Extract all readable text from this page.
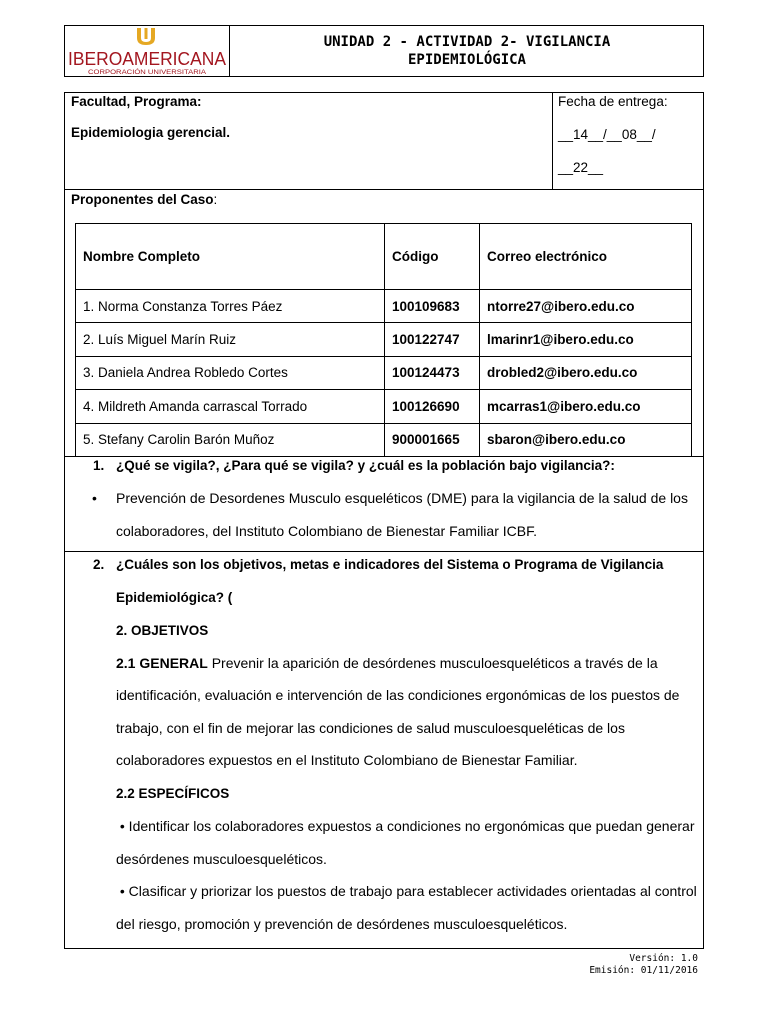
IBEROAMERICANA
CORPORACIÓN UNIVERSITARIA
UNIDAD 2 - ACTIVIDAD 2- VIGILANCIA
EPIDEMIOLÓGICA
Facultad, Programa:
Epidemiologia gerencial.
Fecha de entrega:
__14__/__08__/
__22__
Proponentes del Caso:
Nombre Completo	Código	Correo electrónico
1. Norma Constanza Torres Páez	100109683	ntorre27@ibero.edu.co
2. Luís Miguel Marín Ruiz	100122747	lmarinr1@ibero.edu.co
3. Daniela Andrea Robledo Cortes	100124473	drobled2@ibero.edu.co
4. Mildreth Amanda carrascal Torrado	100126690	mcarras1@ibero.edu.co
5. Stefany Carolin Barón Muñoz	900001665	sbaron@ibero.edu.co
1. ¿Qué se vigila?, ¿Para qué se vigila? y ¿cuál es la población bajo vigilancia?:
• Prevención de Desordenes Musculo esqueléticos (DME) para la vigilancia de la salud de los
colaboradores, del Instituto Colombiano de Bienestar Familiar ICBF.
2. ¿Cuáles son los objetivos, metas e indicadores del Sistema o Programa de Vigilancia
Epidemiológica? (
2. OBJETIVOS
2.1 GENERAL Prevenir la aparición de desórdenes musculoesqueléticos a través de la
identificación, evaluación e intervención de las condiciones ergonómicas de los puestos de
trabajo, con el fin de mejorar las condiciones de salud musculoesqueléticas de los
colaboradores expuestos en el Instituto Colombiano de Bienestar Familiar.
2.2 ESPECÍFICOS
• Identificar los colaboradores expuestos a condiciones no ergonómicas que puedan generar
desórdenes musculoesqueléticos.
• Clasificar y priorizar los puestos de trabajo para establecer actividades orientadas al control
del riesgo, promoción y prevención de desórdenes musculoesqueléticos.
Versión: 1.0
Emisión: 01/11/2016
